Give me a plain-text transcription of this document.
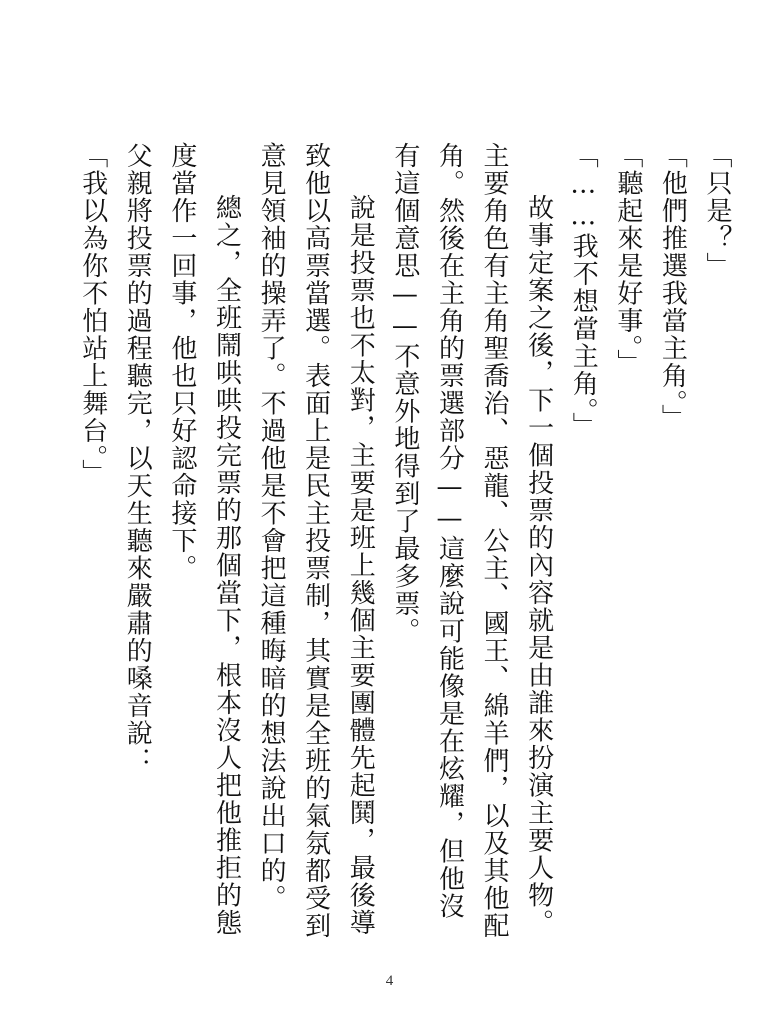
「只是？」

「他們推選我當主角。」

「聽起來是好事。」

「……我不想當主角。」

故事定案之後，下一個投票的內容就是由誰來扮演主要人物。主要角色有主角聖喬治、惡龍、公主、國王、綿羊們，以及其他配角。然後在主角的票選部分——這麼說可能像是在炫耀，但他沒有這個意思——不意外地得到了最多票。

說是投票也不太對，主要是班上幾個主要團體先起鬨，最後導致他以高票當選。表面上是民主投票制，其實是全班的氣氛都受到意見領袖的操弄了。不過他是不會把這種晦暗的想法說出口的。

總之，全班鬧哄哄投完票的那個當下，根本沒人把他推拒的態度當作一回事，他也只好認命接下。

父親將投票的過程聽完，以天生聽來嚴肅的嗓音說：

「我以為你不怕站上舞台。」

4
